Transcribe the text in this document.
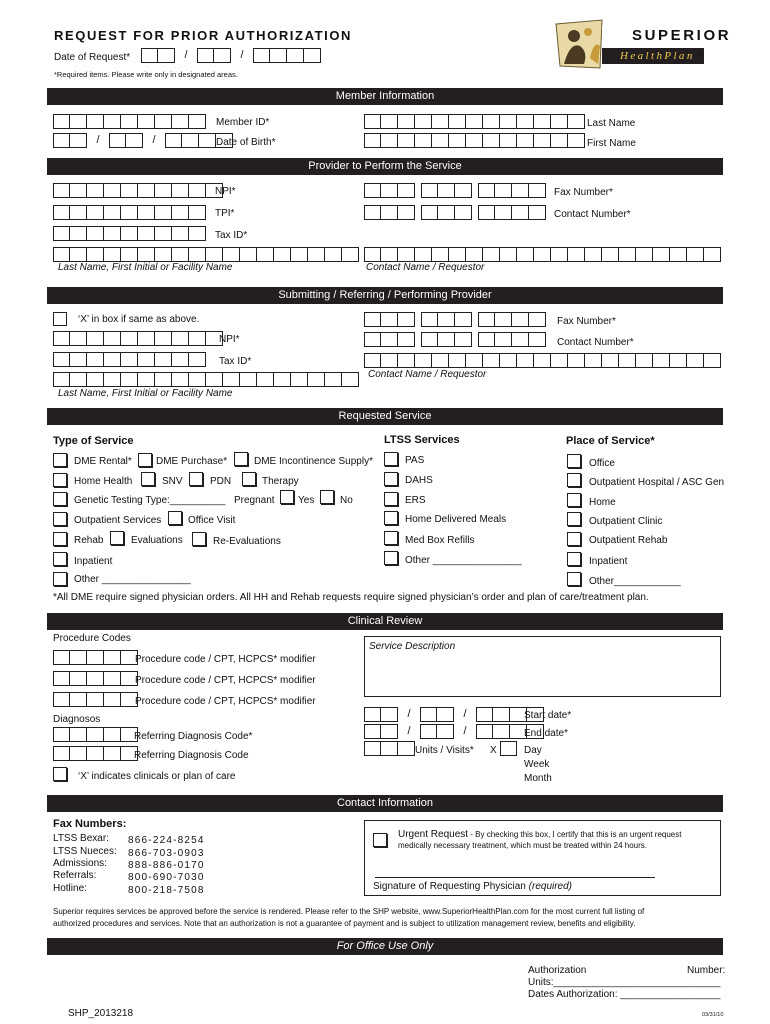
REQUEST FOR PRIOR AUTHORIZATION
Date of Request*	/	/
*Required items. Please write only in designated areas.
SUPERIOR
HealthPlan ®
Member Information
Member ID*
/	/	Date of Birth*
Last Name
First Name
Provider to Perform the Service
NPI*
TPI*
Tax ID*
Last Name, First Initial or Facility Name
Fax Number*
Contact Number*
Contact Name / Requestor
Submitting / Referring / Performing Provider
‘X’ in box if same as above.
NPI*
Tax ID*
Last Name, First Initial or Facility Name
Fax Number*
Contact Number*
Contact Name / Requestor
Requested Service
Type of Service	LTSS Services	Place of Service*
DME Rental* DME Purchase*	DME Incontinence Supply*
Home Health	SNV	PDN	Therapy
Genetic Testing Type:__________ Pregnant Yes	No
Outpatient Services	Office Visit
Rehab	Evaluations	Re-Evaluations
Inpatient
Other ________________
PAS
DAHS
ERS
Home Delivered Meals
Med Box Refills
Other ________________
Office
Outpatient Hospital / ASC Gen
Home
Outpatient Clinic
Outpatient Rehab
Inpatient
Other____________
*All DME require signed physician orders. All HH and Rehab requests require signed physician’s order and plan of care/treatment plan.
Clinical Review
Procedure Codes
Procedure code / CPT, HCPCS* modifier
Procedure code / CPT, HCPCS* modifier
Procedure code / CPT, HCPCS* modifier
Service Description
Diagnosos
Referring Diagnosis Code*
Referring Diagnosis Code
‘X’ indicates clinicals or plan of care
/	/	Start date*
/	/	End date*
Units / Visits* X	Day
Week
Month
Contact Information
Fax Numbers:
LTSS Bexar: 866-224-8254
LTSS Nueces: 866-703-0903
Admissions: 888-886-0170
Referrals:	800-690-7030
Hotline:	800-218-7508
Urgent Request - By checking this box, I certify that this is an urgent request
medically necessary treatment, which must be treated within 24 hours.
Signature of Requesting Physician (required)
Superior requires services be approved before the service is rendered. Please refer to the SHP website, www.SuperiorHealthPlan.com for the most current full listing of
authorized procedures and services. Note that an authorization is not a guarantee of payment and is subject to utilization management review, benefits and eligibility.
For Office Use Only
Authorization	Number:
Units:______________________________
Dates Authorization: __________________
SHP_2013218	03/31/10
